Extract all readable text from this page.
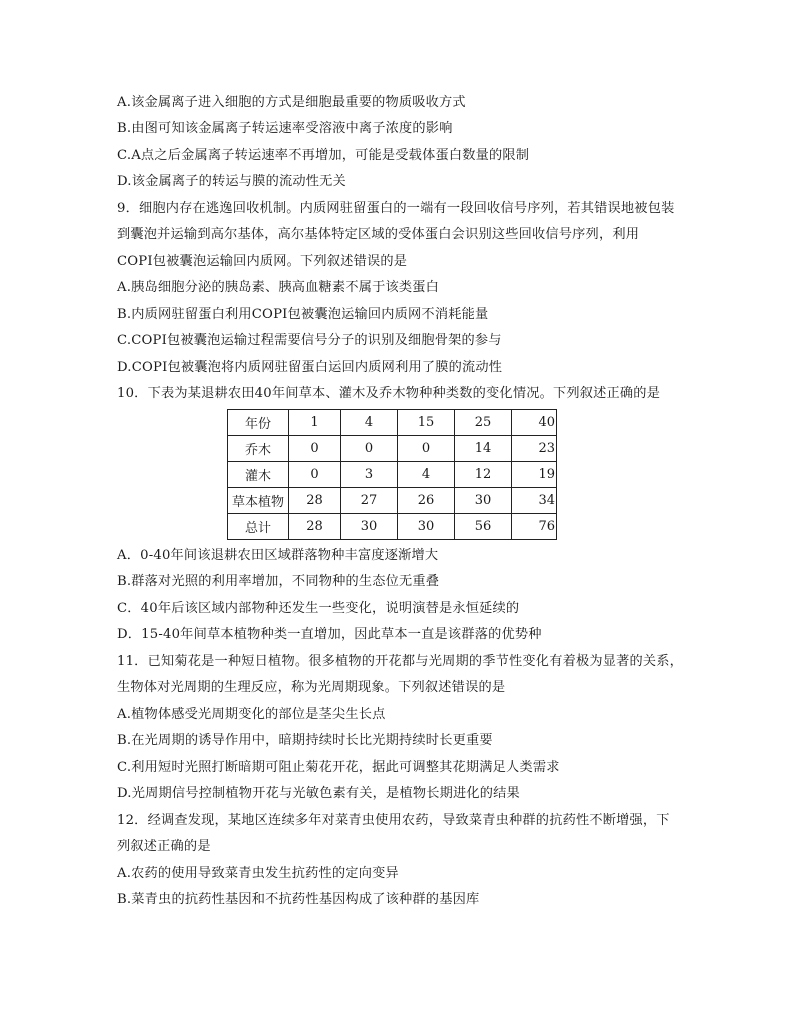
A.该金属离子进入细胞的方式是细胞最重要的物质吸收方式
B.由图可知该金属离子转运速率受溶液中离子浓度的影响
C.A点之后金属离子转运速率不再增加，可能是受载体蛋白数量的限制
D.该金属离子的转运与膜的流动性无关
9．细胞内存在逃逸回收机制。内质网驻留蛋白的一端有一段回收信号序列，若其错误地被包装
到囊泡并运输到高尔基体，高尔基体特定区域的受体蛋白会识别这些回收信号序列，利用
COPI包被囊泡运输回内质网。下列叙述错误的是
A.胰岛细胞分泌的胰岛素、胰高血糖素不属于该类蛋白
B.内质网驻留蛋白利用COPI包被囊泡运输回内质网不消耗能量
C.COPI包被囊泡运输过程需要信号分子的识别及细胞骨架的参与
D.COPI包被囊泡将内质网驻留蛋白运回内质网利用了膜的流动性
10．下表为某退耕农田40年间草本、灌木及乔木物种种类数的变化情况。下列叙述正确的是
年份	1	4	15	25	40
乔木	0	0	0	14	23
灌木	0	3	4	12	19
草本植物	28	27	26	30	34
总计	28	30	30	56	76
A．0-40年间该退耕农田区域群落物种丰富度逐渐增大
B.群落对光照的利用率增加，不同物种的生态位无重叠
C．40年后该区域内部物种还发生一些变化，说明演替是永恒延续的
D．15-40年间草本植物种类一直增加，因此草本一直是该群落的优势种
11．已知菊花是一种短日植物。很多植物的开花都与光周期的季节性变化有着极为显著的关系，
生物体对光周期的生理反应，称为光周期现象。下列叙述错误的是
A.植物体感受光周期变化的部位是茎尖生长点
B.在光周期的诱导作用中，暗期持续时长比光期持续时长更重要
C.利用短时光照打断暗期可阻止菊花开花，据此可调整其花期满足人类需求
D.光周期信号控制植物开花与光敏色素有关，是植物长期进化的结果
12．经调查发现，某地区连续多年对菜青虫使用农药，导致菜青虫种群的抗药性不断增强，下
列叙述正确的是
A.农药的使用导致菜青虫发生抗药性的定向变异
B.菜青虫的抗药性基因和不抗药性基因构成了该种群的基因库
